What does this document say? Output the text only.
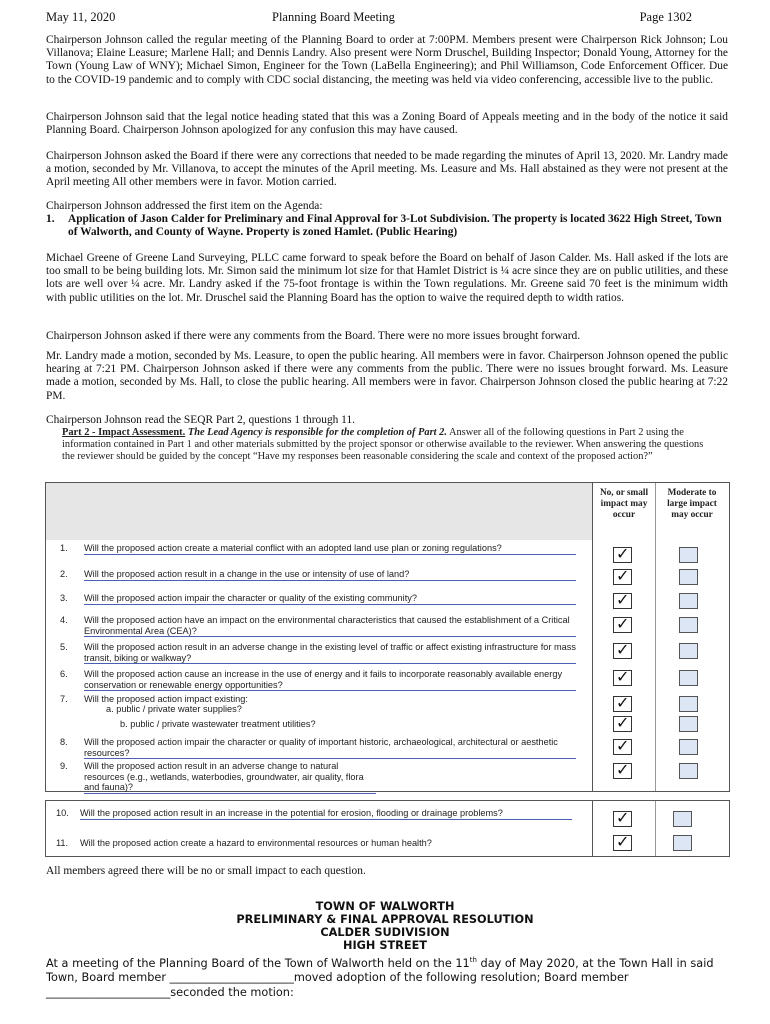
May 11, 2020	Planning Board Meeting	Page 1302

Chairperson Johnson called the regular meeting of the Planning Board to order at 7:00PM. Members present were Chairperson Rick Johnson; Lou Villanova; Elaine Leasure; Marlene Hall; and Dennis Landry. Also present were Norm Druschel, Building Inspector; Donald Young, Attorney for the Town (Young Law of WNY); Michael Simon, Engineer for the Town (LaBella Engineering); and Phil Williamson, Code Enforcement Officer. Due to the COVID-19 pandemic and to comply with CDC social distancing, the meeting was held via video conferencing, accessible live to the public.

Chairperson Johnson said that the legal notice heading stated that this was a Zoning Board of Appeals meeting and in the body of the notice it said Planning Board. Chairperson Johnson apologized for any confusion this may have caused.

Chairperson Johnson asked the Board if there were any corrections that needed to be made regarding the minutes of April 13, 2020. Mr. Landry made a motion, seconded by Mr. Villanova, to accept the minutes of the April meeting. Ms. Leasure and Ms. Hall abstained as they were not present at the April meeting All other members were in favor. Motion carried.

Chairperson Johnson addressed the first item on the Agenda:

1. Application of Jason Calder for Preliminary and Final Approval for 3-Lot Subdivision. The property is located 3622 High Street, Town of Walworth, and County of Wayne. Property is zoned Hamlet. (Public Hearing)

Michael Greene of Greene Land Surveying, PLLC came forward to speak before the Board on behalf of Jason Calder. Ms. Hall asked if the lots are too small to be being building lots. Mr. Simon said the minimum lot size for that Hamlet District is ¼ acre since they are on public utilities, and these lots are well over ¼ acre. Mr. Landry asked if the 75-foot frontage is within the Town regulations. Mr. Greene said 70 feet is the minimum width with public utilities on the lot. Mr. Druschel said the Planning Board has the option to waive the required depth to width ratios.

Chairperson Johnson asked if there were any comments from the Board. There were no more issues brought forward.

Mr. Landry made a motion, seconded by Ms. Leasure, to open the public hearing. All members were in favor. Chairperson Johnson opened the public hearing at 7:21 PM. Chairperson Johnson asked if there were any comments from the public. There were no issues brought forward. Ms. Leasure made a motion, seconded by Ms. Hall, to close the public hearing. All members were in favor. Chairperson Johnson closed the public hearing at 7:22 PM.

Chairperson Johnson read the SEQR Part 2, questions 1 through 11.

Part 2 - Impact Assessment. The Lead Agency is responsible for the completion of Part 2. Answer all of the following questions in Part 2 using the information contained in Part 1 and other materials submitted by the project sponsor or otherwise available to the reviewer. When answering the questions the reviewer should be guided by the concept “Have my responses been reasonable considering the scale and context of the proposed action?”
No, or small impact may occur
Moderate to large impact may occur
1. Will the proposed action create a material conflict with an adopted land use plan or zoning regulations?	✓
2. Will the proposed action result in a change in the use or intensity of use of land?	✓
3. Will the proposed action impair the character or quality of the existing community?	✓
4. Will the proposed action have an impact on the environmental characteristics that caused the establishment of a Critical Environmental Area (CEA)?	✓
5. Will the proposed action result in an adverse change in the existing level of traffic or affect existing infrastructure for mass transit, biking or walkway?	✓
6. Will the proposed action cause an increase in the use of energy and it fails to incorporate reasonably available energy conservation or renewable energy opportunities?	✓
7. Will the proposed action impact existing:
a. public / private water supplies?	✓
b. public / private wastewater treatment utilities?	✓
8. Will the proposed action impair the character or quality of important historic, archaeological, architectural or aesthetic resources?	✓
9. Will the proposed action result in an adverse change to natural resources (e.g., wetlands, waterbodies, groundwater, air quality, flora and fauna)?
✓
10. Will the proposed action result in an increase in the potential for erosion, flooding or drainage problems?	✓
11. Will the proposed action create a hazard to environmental resources or human health?	✓

All members agreed there will be no or small impact to each question.

TOWN OF WALWORTH
PRELIMINARY & FINAL APPROVAL RESOLUTION
CALDER SUDIVISION
HIGH STREET

At a meeting of the Planning Board of the Town of Walworth held on the 11th day of May 2020, at the Town Hall in said Town, Board member ______________________moved adoption of the following resolution; Board member ______________________seconded the motion:
